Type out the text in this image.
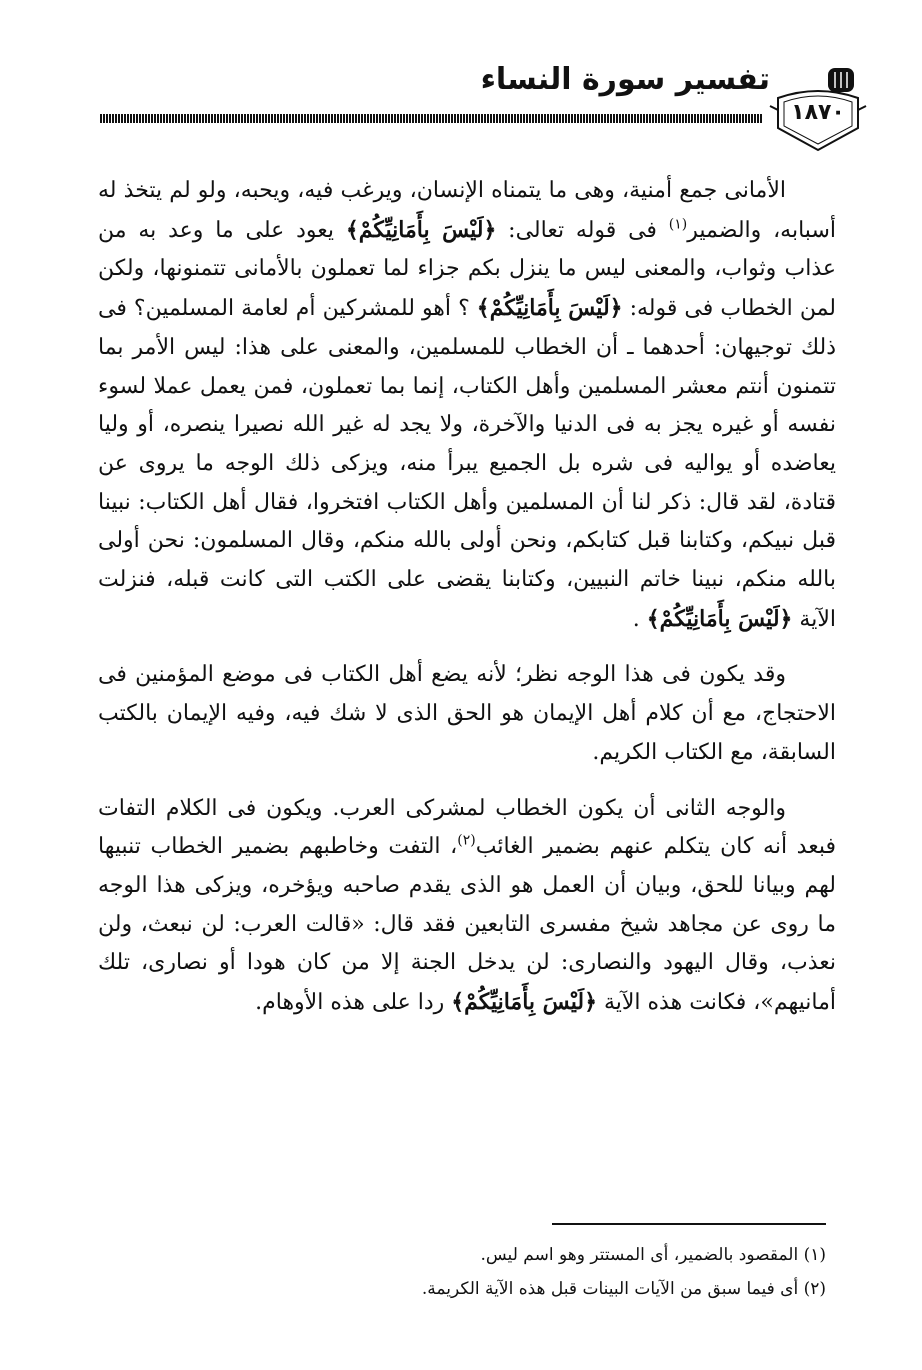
تفسير سورة النساء
١٨٧٠

الأمانى جمع أمنية، وهى ما يتمناه الإنسان، ويرغب فيه، ويحبه، ولو لم يتخذ له أسبابه، والضمير$^{(١)}$ فى قوله تعالى: ﴿لَيْسَ بِأَمَانِيِّكُمْ﴾ يعود على ما وعد به من عذاب وثواب، والمعنى ليس ما ينزل بكم جزاء لما تعملون بالأمانى تتمنونها، ولكن لمن الخطاب فى قوله: ﴿لَيْسَ بِأَمَانِيِّكُمْ﴾ ؟ أهو للمشركين أم لعامة المسلمين؟ فى ذلك توجيهان: أحدهما ـ أن الخطاب للمسلمين، والمعنى على هذا: ليس الأمر بما تتمنون أنتم معشر المسلمين وأهل الكتاب، إنما بما تعملون، فمن يعمل عملا لسوء نفسه أو غيره يجز به فى الدنيا والآخرة، ولا يجد له غير الله نصيرا ينصره، أو وليا يعاضده أو يواليه فى شره بل الجميع يبرأ منه، ويزكى ذلك الوجه ما يروى عن قتادة، لقد قال: ذكر لنا أن المسلمين وأهل الكتاب افتخروا، فقال أهل الكتاب: نبينا قبل نبيكم، وكتابنا قبل كتابكم، ونحن أولى بالله منكم، وقال المسلمون: نحن أولى بالله منكم، نبينا خاتم النبيين، وكتابنا يقضى على الكتب التى كانت قبله، فنزلت الآية ﴿لَيْسَ بِأَمَانِيِّكُمْ﴾ .

وقد يكون فى هذا الوجه نظر؛ لأنه يضع أهل الكتاب فى موضع المؤمنين فى الاحتجاج، مع أن كلام أهل الإيمان هو الحق الذى لا شك فيه، وفيه الإيمان بالكتب السابقة، مع الكتاب الكريم.

والوجه الثانى أن يكون الخطاب لمشركى العرب. ويكون فى الكلام التفات فبعد أنه كان يتكلم عنهم بضمير الغائب$^{(٢)}$، التفت وخاطبهم بضمير الخطاب تنبيها لهم وبيانا للحق، وبيان أن العمل هو الذى يقدم صاحبه ويؤخره، ويزكى هذا الوجه ما روى عن مجاهد شيخ مفسرى التابعين فقد قال: «قالت العرب: لن نبعث، ولن نعذب، وقال اليهود والنصارى: لن يدخل الجنة إلا من كان هودا أو نصارى، تلك أمانيهم»، فكانت هذه الآية ﴿لَيْسَ بِأَمَانِيِّكُمْ﴾ ردا على هذه الأوهام.

(١) المقصود بالضمير، أى المستتر وهو اسم ليس.
(٢) أى فيما سبق من الآيات البينات قبل هذه الآية الكريمة.
